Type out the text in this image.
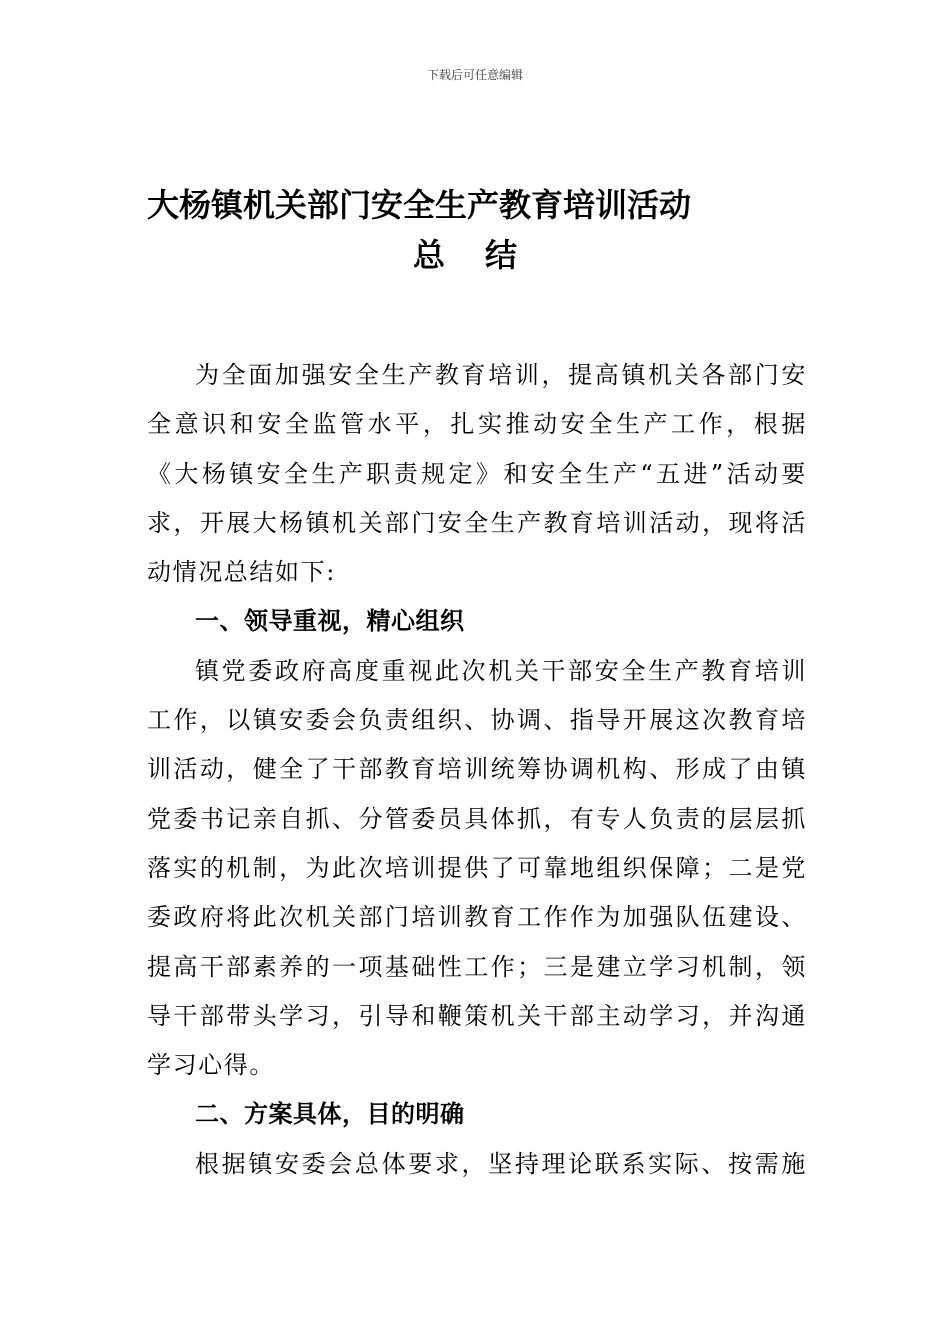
下载后可任意编辑
大杨镇机关部门安全生产教育培训活动
总结

为全面加强安全生产教育培训，提高镇机关各部门安全意识和安全监管水平，扎实推动安全生产工作，根据《大杨镇安全生产职责规定》和安全生产“五进”活动要求，开展大杨镇机关部门安全生产教育培训活动，现将活动情况总结如下:

一、领导重视，精心组织

镇党委政府高度重视此次机关干部安全生产教育培训工作，以镇安委会负责组织、协调、指导开展这次教育培训活动，健全了干部教育培训统筹协调机构、形成了由镇党委书记亲自抓、分管委员具体抓，有专人负责的层层抓落实的机制，为此次培训提供了可靠地组织保障；二是党委政府将此次机关部门培训教育工作作为加强队伍建设、提高干部素养的一项基础性工作；三是建立学习机制，领导干部带头学习，引导和鞭策机关干部主动学习，并沟通学习心得。

二、方案具体，目的明确

根据镇安委会总体要求，坚持理论联系实际、按需施
